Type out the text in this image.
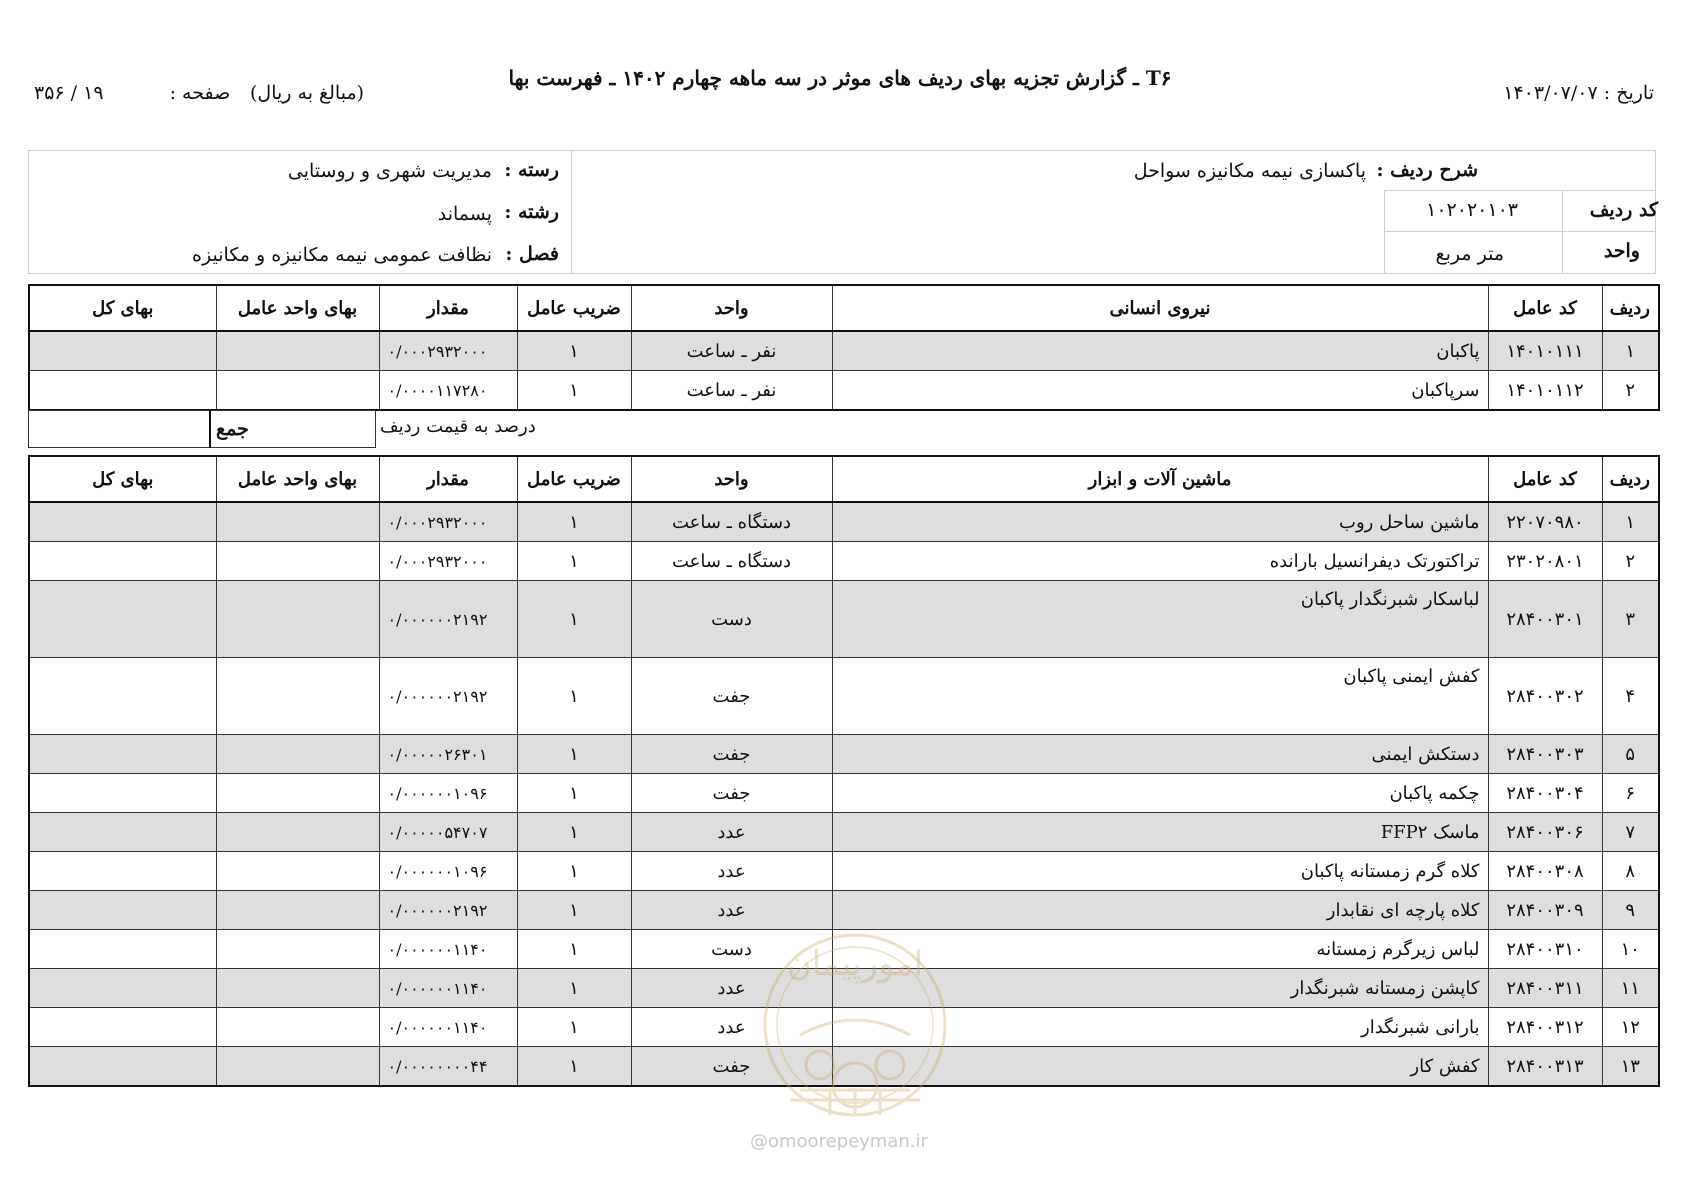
تاریخ : ۱۴۰۳/۰۷/۰۷
T۶ ـ گزارش تجزیه بهای ردیف های موثر در سه ماهه چهارم ۱۴۰۲ ـ فهرست بها
(مبالغ به ریال)
صفحه : ۱۹ / ۳۵۶
شرح ردیف :
پاکسازی نیمه مکانیزه سواحل
کد ردیف
۱۰۲۰۲۰۱۰۳
واحد
متر مربع
رسته :
مدیریت شهری و روستایی
رشته :
پسماند
فصل :
نظافت عمومی نیمه مکانیزه و مکانیزه
ردیف	کد عامل	نیروی انسانی	واحد	ضریب عامل	مقدار	بهای واحد عامل	بهای کل
۱	۱۴۰۱۰۱۱۱	پاکبان	نفر ـ ساعت	۱	۰/۰۰۰۲۹۳۲۰۰۰		
۲	۱۴۰۱۰۱۱۲	سرپاکبان	نفر ـ ساعت	۱	۰/۰۰۰۰۱۱۷۲۸۰		
جمع	درصد به قیمت ردیف
ردیف	کد عامل	ماشین آلات و ابزار	واحد	ضریب عامل	مقدار	بهای واحد عامل	بهای کل
۱	۲۲۰۷۰۹۸۰	ماشین ساحل روب	دستگاه ـ ساعت	۱	۰/۰۰۰۲۹۳۲۰۰۰		
۲	۲۳۰۲۰۸۰۱	تراکتورتک دیفرانسیل بارانده	دستگاه ـ ساعت	۱	۰/۰۰۰۲۹۳۲۰۰۰		
۳	۲۸۴۰۰۳۰۱	لباسکار شبرنگدار پاکبان	دست	۱	۰/۰۰۰۰۰۰۲۱۹۲		
۴	۲۸۴۰۰۳۰۲	کفش ایمنی پاکبان	جفت	۱	۰/۰۰۰۰۰۰۲۱۹۲		
۵	۲۸۴۰۰۳۰۳	دستکش ایمنی	جفت	۱	۰/۰۰۰۰۰۲۶۳۰۱		
۶	۲۸۴۰۰۳۰۴	چکمه پاکبان	جفت	۱	۰/۰۰۰۰۰۰۱۰۹۶		
۷	۲۸۴۰۰۳۰۶	ماسک FFP۲	عدد	۱	۰/۰۰۰۰۰۵۴۷۰۷		
۸	۲۸۴۰۰۳۰۸	کلاه گرم زمستانه پاکبان	عدد	۱	۰/۰۰۰۰۰۰۱۰۹۶		
۹	۲۸۴۰۰۳۰۹	کلاه پارچه ای نقابدار	عدد	۱	۰/۰۰۰۰۰۰۲۱۹۲		
۱۰	۲۸۴۰۰۳۱۰	لباس زیرگرم زمستانه	دست	۱	۰/۰۰۰۰۰۰۱۱۴۰		
۱۱	۲۸۴۰۰۳۱۱	کاپشن زمستانه شبرنگدار	عدد	۱	۰/۰۰۰۰۰۰۱۱۴۰		
۱۲	۲۸۴۰۰۳۱۲	بارانی شبرنگدار	عدد	۱	۰/۰۰۰۰۰۰۱۱۴۰		
۱۳	۲۸۴۰۰۳۱۳	کفش کار	جفت	۱	۰/۰۰۰۰۰۰۰۰۴۴		
امورپیمان
@omoorepeyman.ir
